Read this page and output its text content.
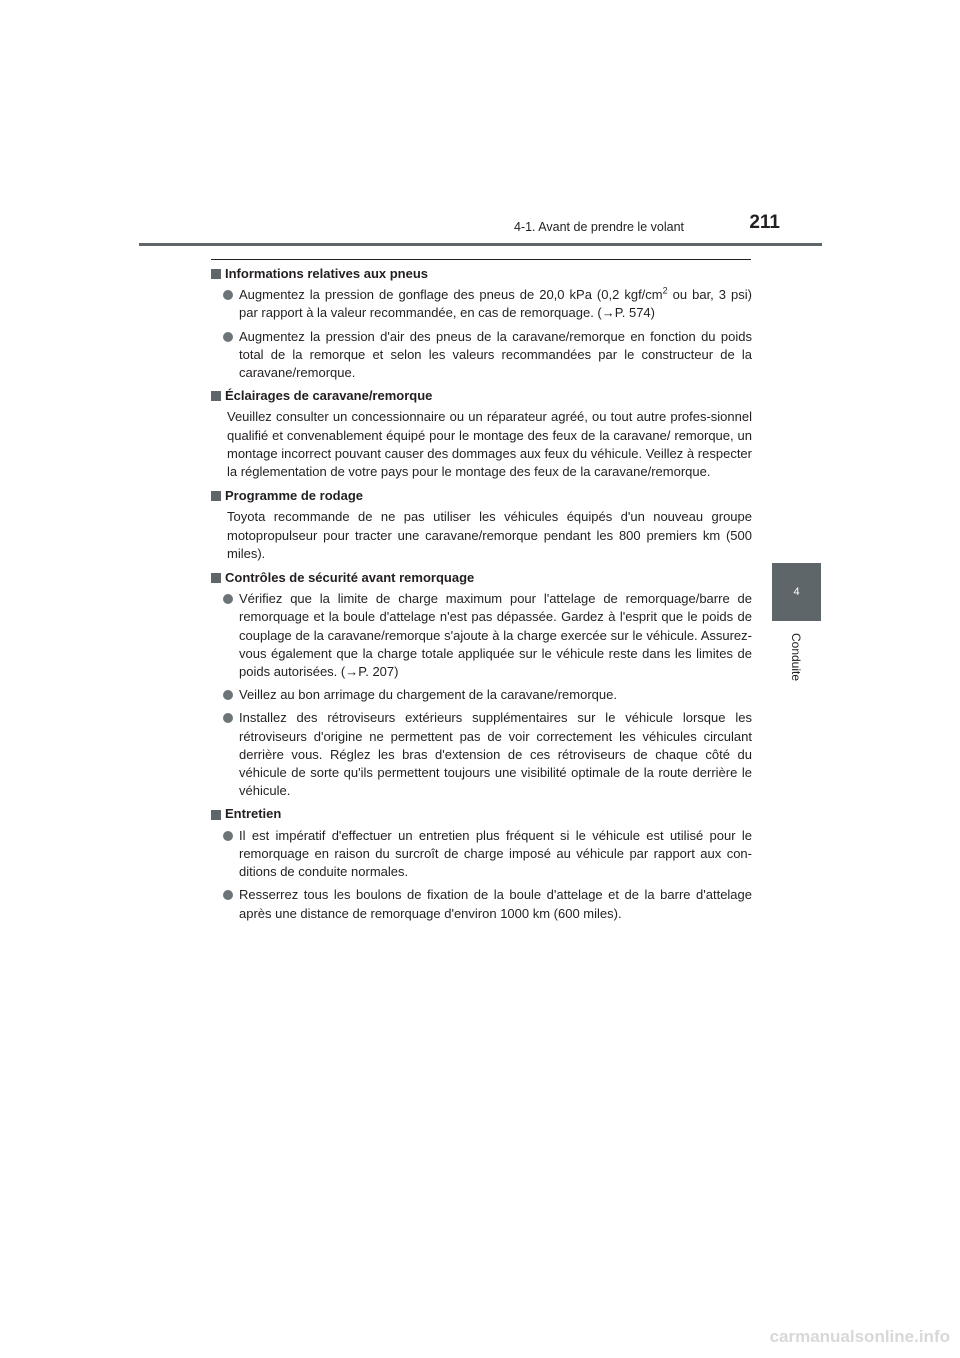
4-1. Avant de prendre le volant	211
4
Conduite
Informations relatives aux pneus
Augmentez la pression de gonflage des pneus de 20,0 kPa (0,2 kgf/$cm^2$ ou bar, 3 psi) par rapport à la valeur recommandée, en cas de remorquage. (→P. 574)
Augmentez la pression d'air des pneus de la caravane/remorque en fonction du poids total de la remorque et selon les valeurs recommandées par le constructeur de la caravane/remorque.
Éclairages de caravane/remorque
Veuillez consulter un concessionnaire ou un réparateur agréé, ou tout autre profes-sionnel qualifié et convenablement équipé pour le montage des feux de la caravane/ remorque, un montage incorrect pouvant causer des dommages aux feux du véhicule. Veillez à respecter la réglementation de votre pays pour le montage des feux de la caravane/remorque.
Programme de rodage
Toyota recommande de ne pas utiliser les véhicules équipés d'un nouveau groupe motopropulseur pour tracter une caravane/remorque pendant les 800 premiers km (500 miles).
Contrôles de sécurité avant remorquage
Vérifiez que la limite de charge maximum pour l'attelage de remorquage/barre de remorquage et la boule d'attelage n'est pas dépassée. Gardez à l'esprit que le poids de couplage de la caravane/remorque s'ajoute à la charge exercée sur le véhicule. Assurez-vous également que la charge totale appliquée sur le véhicule reste dans les limites de poids autorisées. (→P. 207)
Veillez au bon arrimage du chargement de la caravane/remorque.
Installez des rétroviseurs extérieurs supplémentaires sur le véhicule lorsque les rétroviseurs d'origine ne permettent pas de voir correctement les véhicules circulant derrière vous. Réglez les bras d'extension de ces rétroviseurs de chaque côté du véhicule de sorte qu'ils permettent toujours une visibilité optimale de la route derrière le véhicule.
Entretien
Il est impératif d'effectuer un entretien plus fréquent si le véhicule est utilisé pour le remorquage en raison du surcroît de charge imposé au véhicule par rapport aux con-ditions de conduite normales.
Resserrez tous les boulons de fixation de la boule d'attelage et de la barre d'attelage après une distance de remorquage d'environ 1000 km (600 miles).
carmanualsonline.info
